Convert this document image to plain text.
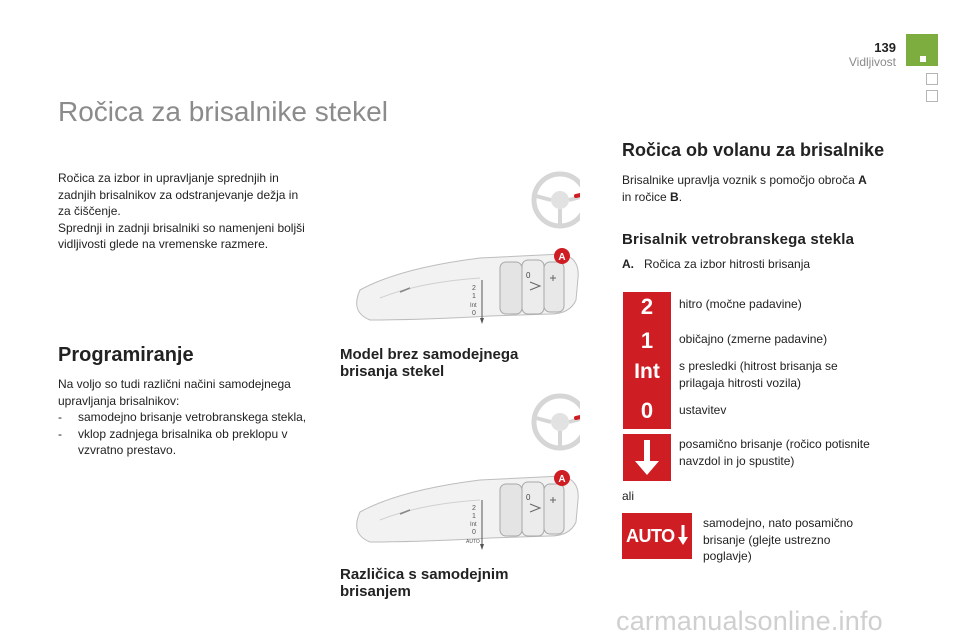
139
Vidljivost
Ročica za brisalnike stekel
Ročica za izbor in upravljanje sprednjih in
zadnjih brisalnikov za odstranjevanje dežja in
za čiščenje.
Sprednji in zadnji brisalniki so namenjeni boljši
vidljivosti glede na vremenske razmere.
Programiranje
Na voljo so tudi različni načini samodejnega
upravljanja brisalnikov:
- samodejno brisanje vetrobranskega stekla,
- vklop zadnjega brisalnika ob preklopu v
vzvratno prestavo.
2
1
Int
0
0
A
Model brez samodejnega
brisanja stekel
2
1
Int
0
AUTO
0
A
Različica s samodejnim
brisanjem
Ročica ob volanu za brisalnike
Brisalnike upravlja voznik s pomočjo obroča A
in ročice B.
Brisalnik vetrobranskega stekla
A. Ročica za izbor hitrosti brisanja
2
1
Int
0
AUTO
hitro (močne padavine)
običajno (zmerne padavine)
s presledki (hitrost brisanja se
prilagaja hitrosti vozila)
ustavitev
posamično brisanje (ročico potisnite
navzdol in jo spustite)
ali
samodejno, nato posamično
brisanje (glejte ustrezno
poglavje)
carmanualsonline.info
